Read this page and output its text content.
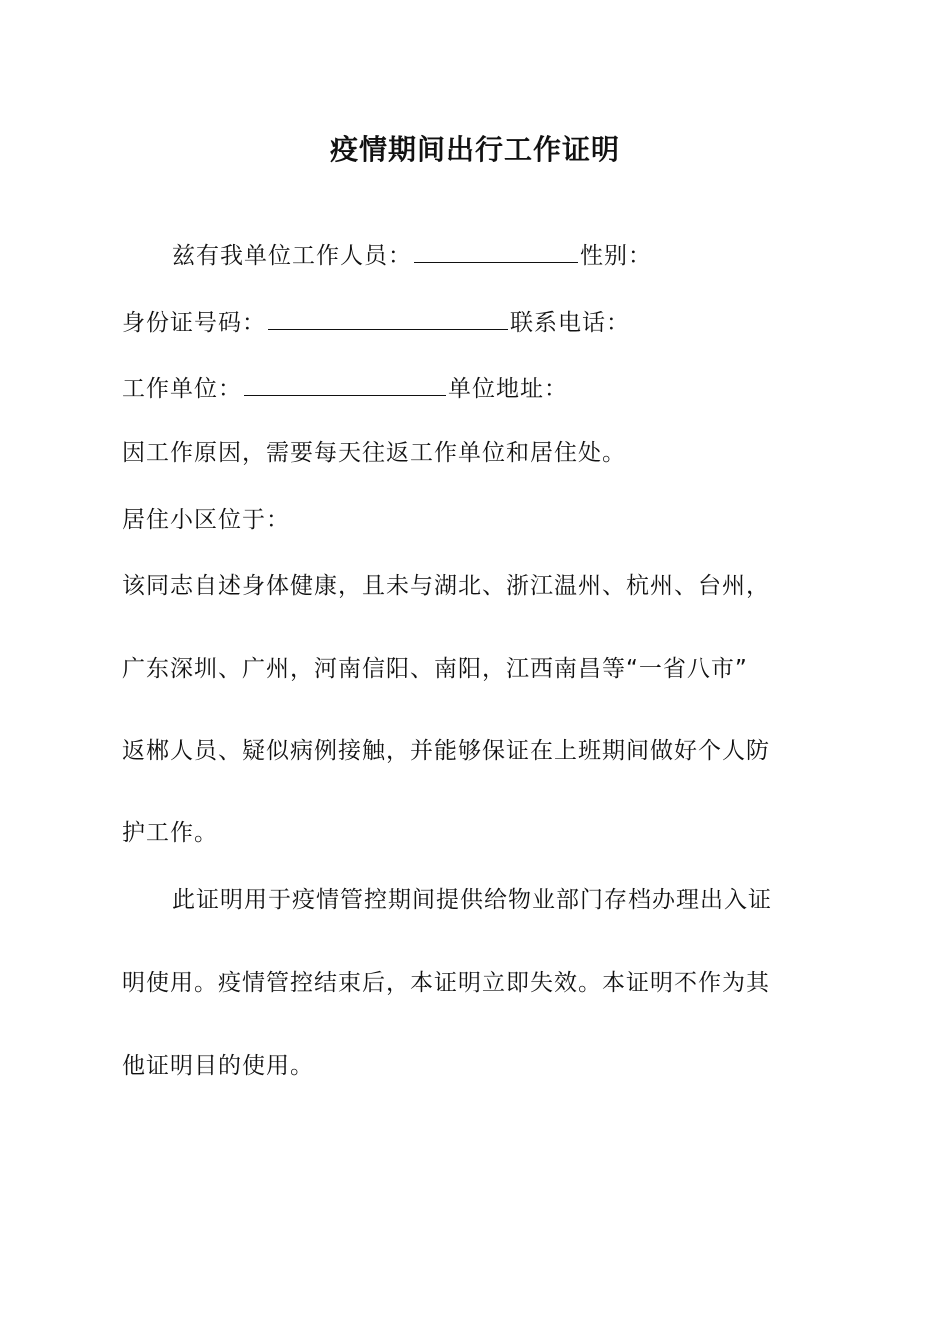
疫情期间出行工作证明
兹有我单位工作人员：	性别：
身份证号码：	联系电话：
工作单位：	单位地址：
因工作原因，需要每天往返工作单位和居住处。
居住小区位于：
该同志自述身体健康，且未与湖北、浙江温州、杭州、台州，
广东深圳、广州，河南信阳、南阳，江西南昌等“一省八市”
返郴人员、疑似病例接触，并能够保证在上班期间做好个人防
护工作。
此证明用于疫情管控期间提供给物业部门存档办理出入证
明使用。疫情管控结束后，本证明立即失效。本证明不作为其
他证明目的使用。
